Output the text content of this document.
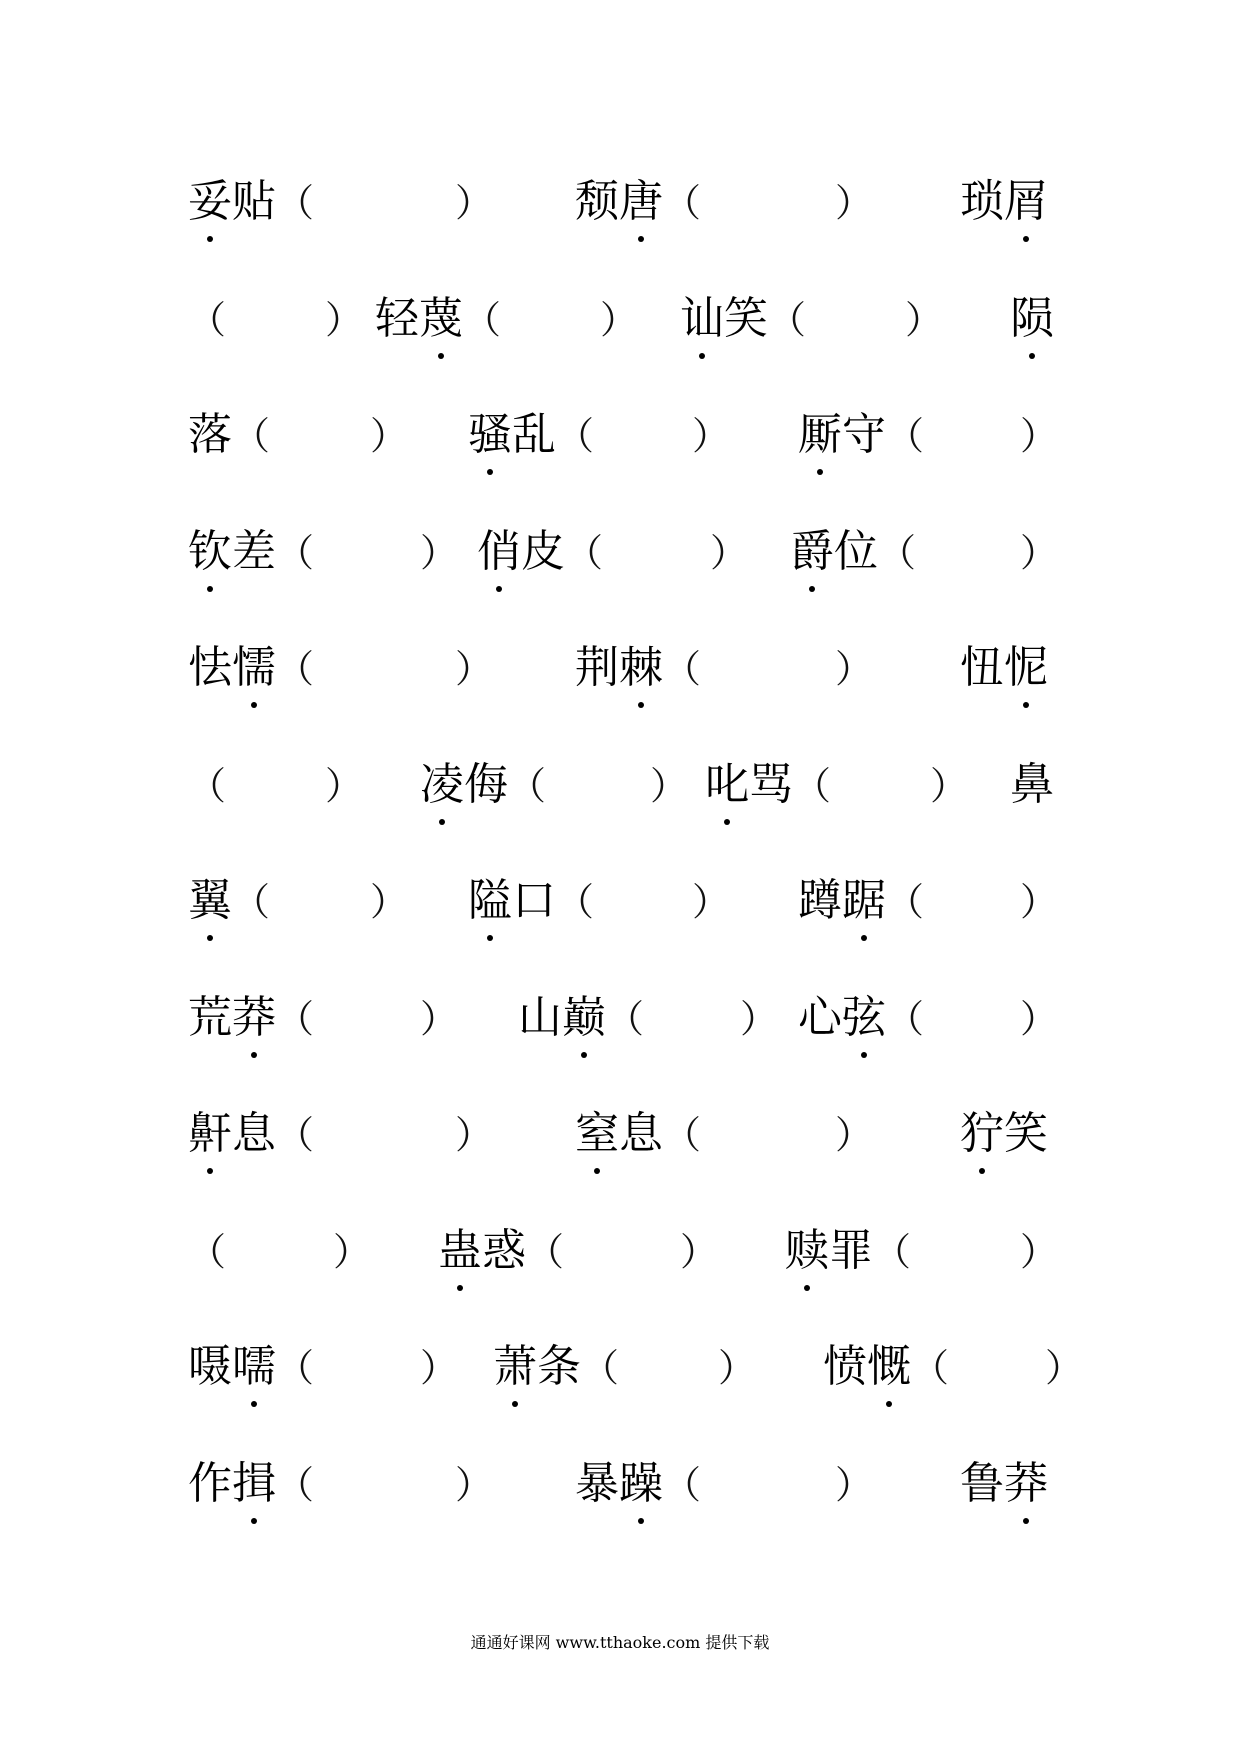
妥贴（	） 颓唐（	） 琐屑
（	） 轻蔑（	） 讪笑（	） 陨
落（	） 骚乱（	） 厮守（	）
钦差（	） 俏皮（	） 爵位（	）
怯懦（	） 荆棘（	） 忸怩
（	） 凌侮（	） 叱骂（	） 鼻
翼（	） 隘口（	） 蹲踞（	）
荒莽（	） 山巅（	） 心弦（	）
鼾息（	） 窒息（	） 狞笑
（	） 蛊惑（	） 赎罪（	）
嗫嚅（	） 萧条（	） 愤慨（	）
作揖（	） 暴躁（	） 鲁莽
通通好课网 www.tthaoke.com 提供下载
